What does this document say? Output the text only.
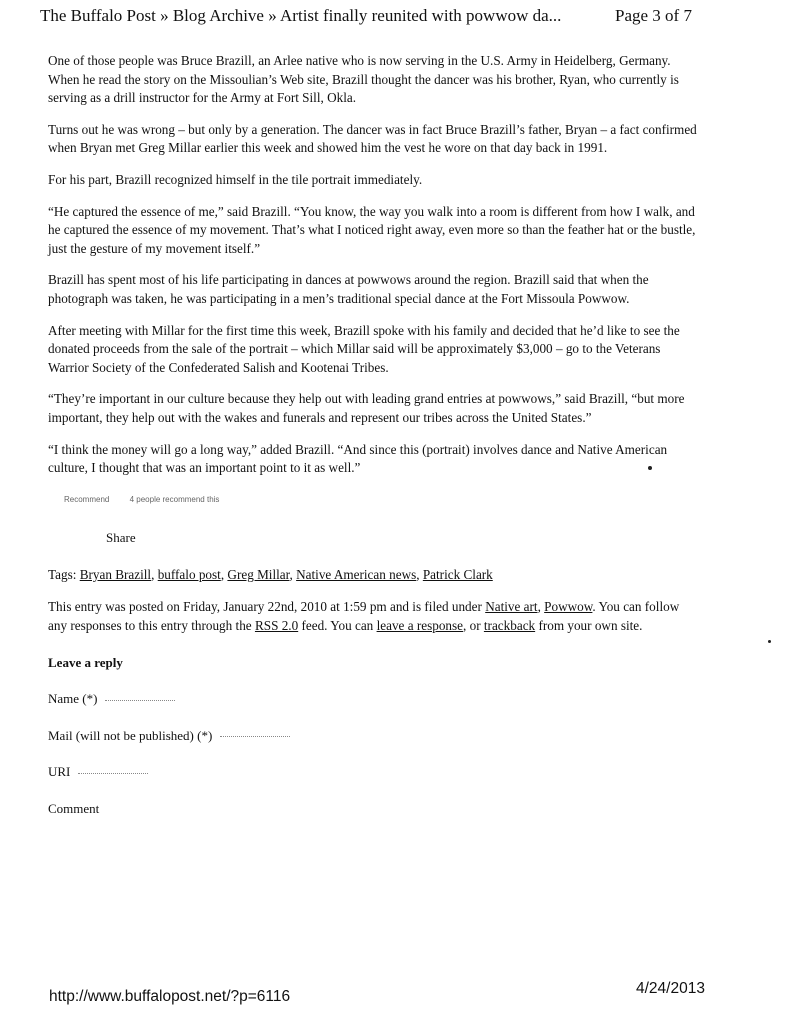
The Buffalo Post » Blog Archive » Artist finally reunited with powwow da...	Page 3 of 7

One of those people was Bruce Brazill, an Arlee native who is now serving in the U.S. Army in Heidelberg, Germany. When he read the story on the Missoulian’s Web site, Brazill thought the dancer was his brother, Ryan, who currently is serving as a drill instructor for the Army at Fort Sill, Okla.

Turns out he was wrong – but only by a generation. The dancer was in fact Bruce Brazill’s father, Bryan – a fact confirmed when Bryan met Greg Millar earlier this week and showed him the vest he wore on that day back in 1991.

For his part, Brazill recognized himself in the tile portrait immediately.

“He captured the essence of me,” said Brazill. “You know, the way you walk into a room is different from how I walk, and he captured the essence of my movement. That’s what I noticed right away, even more so than the feather hat or the bustle, just the gesture of my movement itself.”

Brazill has spent most of his life participating in dances at powwows around the region. Brazill said that when the photograph was taken, he was participating in a men’s traditional special dance at the Fort Missoula Powwow.

After meeting with Millar for the first time this week, Brazill spoke with his family and decided that he’d like to see the donated proceeds from the sale of the portrait – which Millar said will be approximately $3,000 – go to the Veterans Warrior Society of the Confederated Salish and Kootenai Tribes.

“They’re important in our culture because they help out with leading grand entries at powwows,” said Brazill, “but more important, they help out with the wakes and funerals and represent our tribes across the United States.”

“I think the money will go a long way,” added Brazill. “And since this (portrait) involves dance and Native American culture, I thought that was an important point to it as well.”

Recommend	4 people recommend this
Share
Tags: Bryan Brazill, buffalo post, Greg Millar, Native American news, Patrick Clark
This entry was posted on Friday, January 22nd, 2010 at 1:59 pm and is filed under Native art, Powwow. You can follow any responses to this entry through the RSS 2.0 feed. You can leave a response, or trackback from your own site.
Leave a reply
Name (*)
Mail (will not be published) (*)
URI
Comment
http://www.buffalopost.net/?p=6116	4/24/2013
